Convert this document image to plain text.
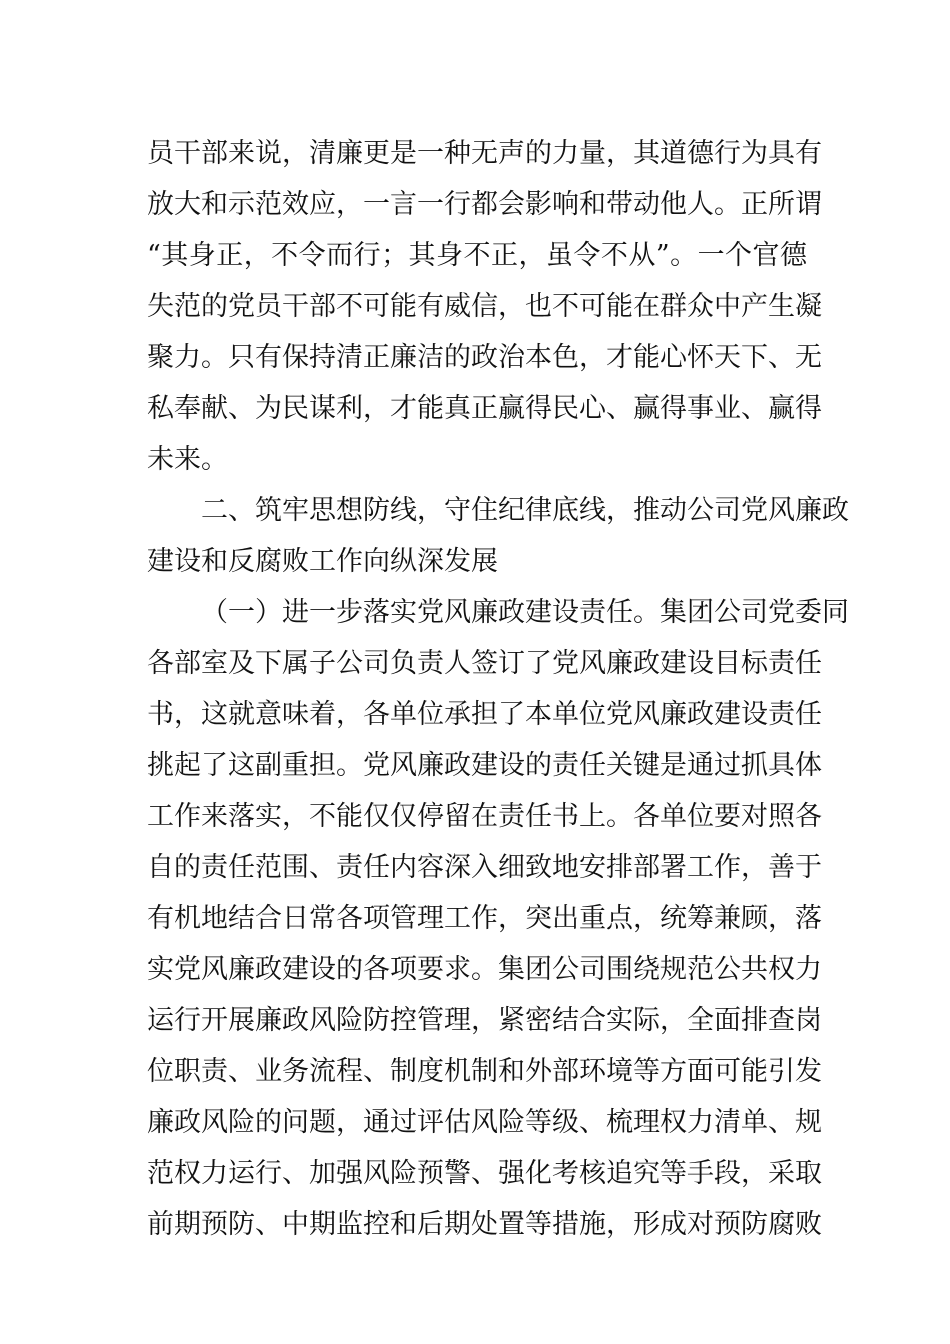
员干部来说，清廉更是一种无声的力量，其道德行为具有
放大和示范效应，一言一行都会影响和带动他人。正所谓
“其身正，不令而行；其身不正，虽令不从”。一个官德
失范的党员干部不可能有威信，也不可能在群众中产生凝
聚力。只有保持清正廉洁的政治本色，才能心怀天下、无
私奉献、为民谋利，才能真正赢得民心、赢得事业、赢得
未来。
二、筑牢思想防线，守住纪律底线，推动公司党风廉政
建设和反腐败工作向纵深发展
（一）进一步落实党风廉政建设责任。集团公司党委同
各部室及下属子公司负责人签订了党风廉政建设目标责任
书，这就意味着，各单位承担了本单位党风廉政建设责任
挑起了这副重担。党风廉政建设的责任关键是通过抓具体
工作来落实，不能仅仅停留在责任书上。各单位要对照各
自的责任范围、责任内容深入细致地安排部署工作，善于
有机地结合日常各项管理工作，突出重点，统筹兼顾，落
实党风廉政建设的各项要求。集团公司围绕规范公共权力
运行开展廉政风险防控管理，紧密结合实际，全面排查岗
位职责、业务流程、制度机制和外部环境等方面可能引发
廉政风险的问题，通过评估风险等级、梳理权力清单、规
范权力运行、加强风险预警、强化考核追究等手段，采取
前期预防、中期监控和后期处置等措施，形成对预防腐败
